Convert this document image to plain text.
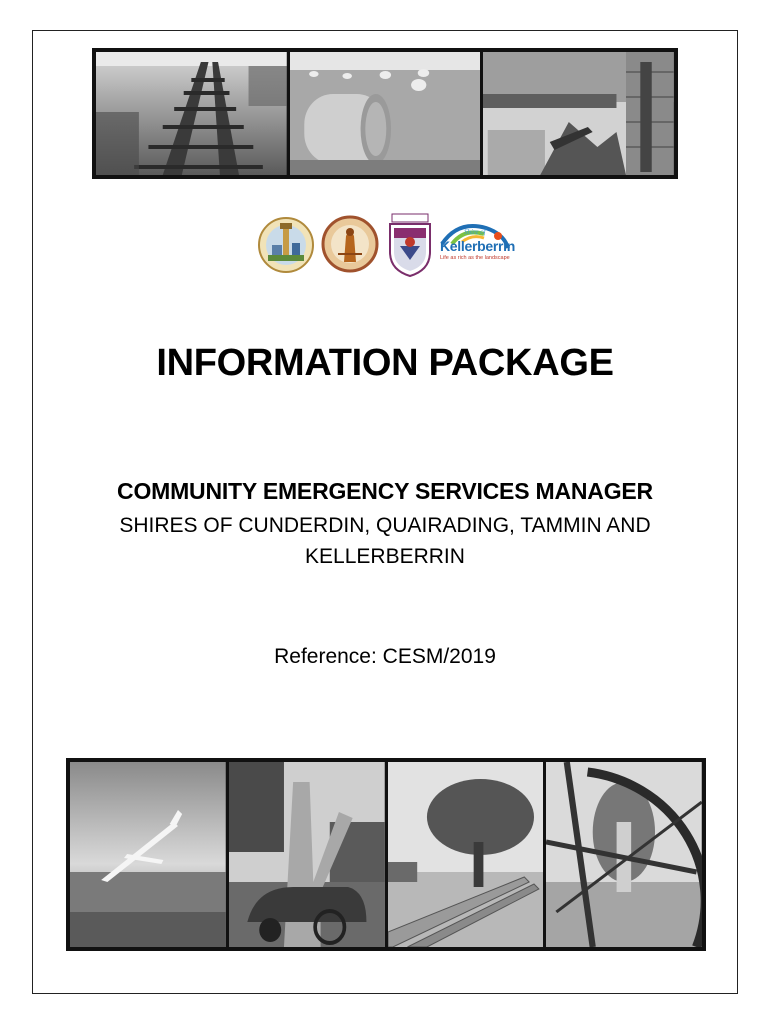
Shire of
Kellerberrin
Life as rich as the landscape
INFORMATION PACKAGE
COMMUNITY EMERGENCY SERVICES MANAGER
SHIRES OF CUNDERDIN, QUAIRADING, TAMMIN AND KELLERBERRIN
Reference: CESM/2019
